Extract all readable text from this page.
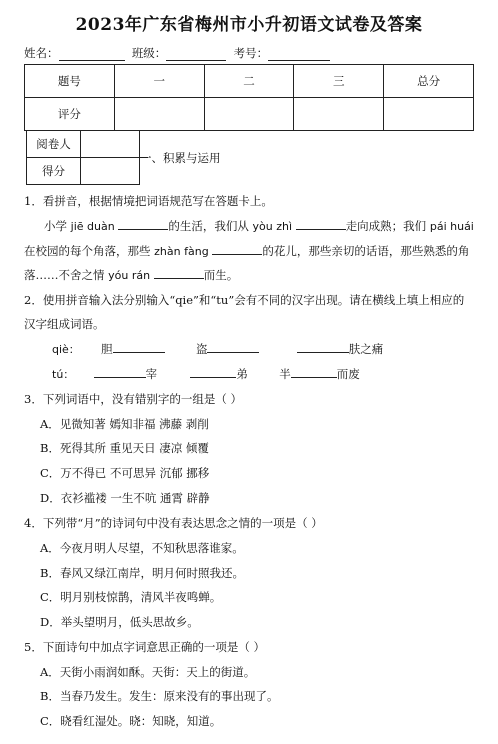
2023年广东省梅州市小升初语文试卷及答案
姓名：	班级：	考号：
题号	一	二	三	总分
评分				
阅卷人	
得分	
一、积累与运用
1．看拼音，根据情境把词语规范写在答题卡上。
小学 jiē duàn	的生活，我们从 yòu zhì	走向成熟；我们 pái huái
在校园的每个角落，那些 zhàn fàng	的花儿，那些亲切的话语，那些熟悉的角
落……不舍之情 yóu rán	而生。
2．使用拼音输入法分别输入“qie”和“tu”会有不同的汉字出现。请在横线上填上相应的
汉字组成词语。
qiè： 胆	盗	肤之痛
tú：	宰	弟	半	而废
3．下列词语中，没有错别字的一组是（ ）
A．见微知著 嫣知非福 沸藤 剥削
B．死得其所 重见天日 凄凉 倾覆
C．万不得已 不可思异 沉郁 挪移
D．衣衫褴褛 一生不吭 通霄 辟静
4．下列带“月”的诗词句中没有表达思念之情的一项是（ ）
A．今夜月明人尽望，不知秋思落谁家。
B．春风又绿江南岸，明月何时照我还。
C．明月别枝惊鹊，清风半夜鸣蝉。
D．举头望明月，低头思故乡。
5．下面诗句中加点字词意思正确的一项是（ ）
A．天街小雨润如酥。天街：天上的街道。
B．当春乃发生。发生：原来没有的事出现了。
C．晓看红湿处。晓：知晓，知道。
